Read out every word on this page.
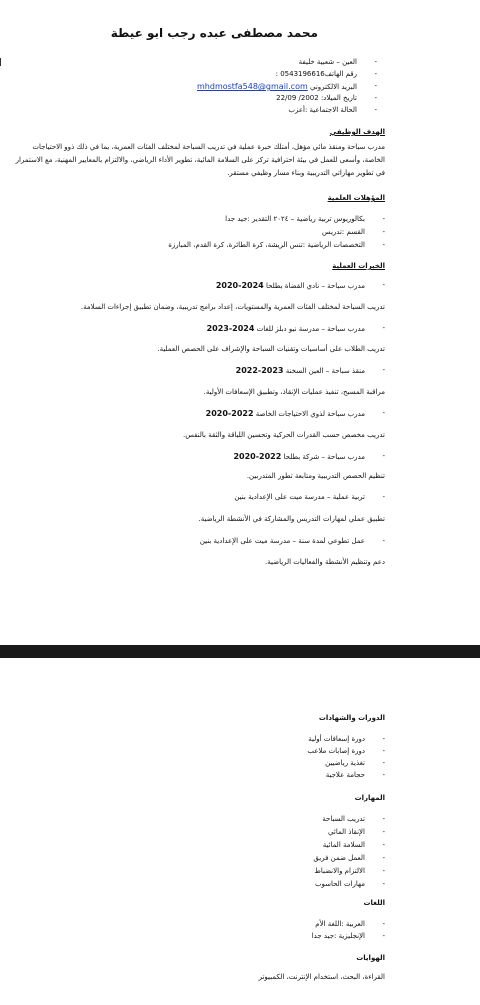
محمد مصطفى عبده رجب ابو عيطة
- العين – شعبية خليفة
- رقم الهاتف0543196616 :
- البريد الالكتروني mhdmostfa548@gmail.com
- تاريخ الميلاد: 2002/ 22/09
- الحالة الاجتماعية :أعزب
الهدف الوظيفي
مدرب سباحة ومنقذ مائي مؤهل، أمتلك خبرة عملية في تدريب السباحة لمختلف الفئات العمرية، بما في ذلك ذوو الاحتياجات الخاصة، وأسعى للعمل في بيئة احترافية تركز على السلامة المائية، تطوير الأداء الرياضي، والالتزام بالمعايير المهنية، مع الاستمرار في تطوير مهاراتي التدريبية وبناء مسار وظيفي مستقر.
المؤهلات العلمية
- بكالوريوس تربية رياضية – ٢٠٢٤ التقدير :جيد جدا
- القسم :تدريس
- التخصصات الرياضية :تنس الريشة، كرة الطائرة، كرة القدم، المبارزة
الخبرات العملية
- مدرب سباحة – نادي القضاة بطلحا 2024-2020
تدريب السباحة لمختلف الفئات العمرية والمستويات، إعداد برامج تدريبية، وضمان تطبيق إجراءات السلامة.
- مدرب سباحة – مدرسة نيو دبلز للغات 2024-2023
تدريب الطلاب على أساسيات وتقنيات السباحة والإشراف على الحصص العملية.
- منقذ سباحة – العين السخنة 2023-2022
مراقبة المسبح، تنفيذ عمليات الإنقاذ، وتطبيق الإسعافات الأولية.
- مدرب سباحة لذوي الاحتياجات الخاصة 2022-2020
تدريب مخصص حسب القدرات الحركية وتحسين اللياقة والثقة بالنفس.
- مدرب سباحة – شركة بطلحا 2022-2020
تنظيم الحصص التدريبية ومتابعة تطور المتدربين.
- تربية عملية – مدرسة ميت على الإعدادية بنين
تطبيق عملي لمهارات التدريس والمشاركة في الأنشطة الرياضية.
- عمل تطوعي لمدة سنة – مدرسة ميت على الإعدادية بنين
دعم وتنظيم الأنشطة والفعاليات الرياضية.
الدورات والشهادات
- دورة إسعافات أولية
- دورة إصابات ملاعب
- تغذية رياضيين
- حجامة علاجية
المهارات
- تدريب السباحة
- الإنقاذ المائي
- السلامة المائية
- العمل ضمن فريق
- الالتزام والانضباط
- مهارات الحاسوب
اللغات
- العربية :اللغة الأم
- الإنجليزية :جيد جدا
الهوايات
القراءة، البحث، استخدام الإنترنت، الكمبيوتر
